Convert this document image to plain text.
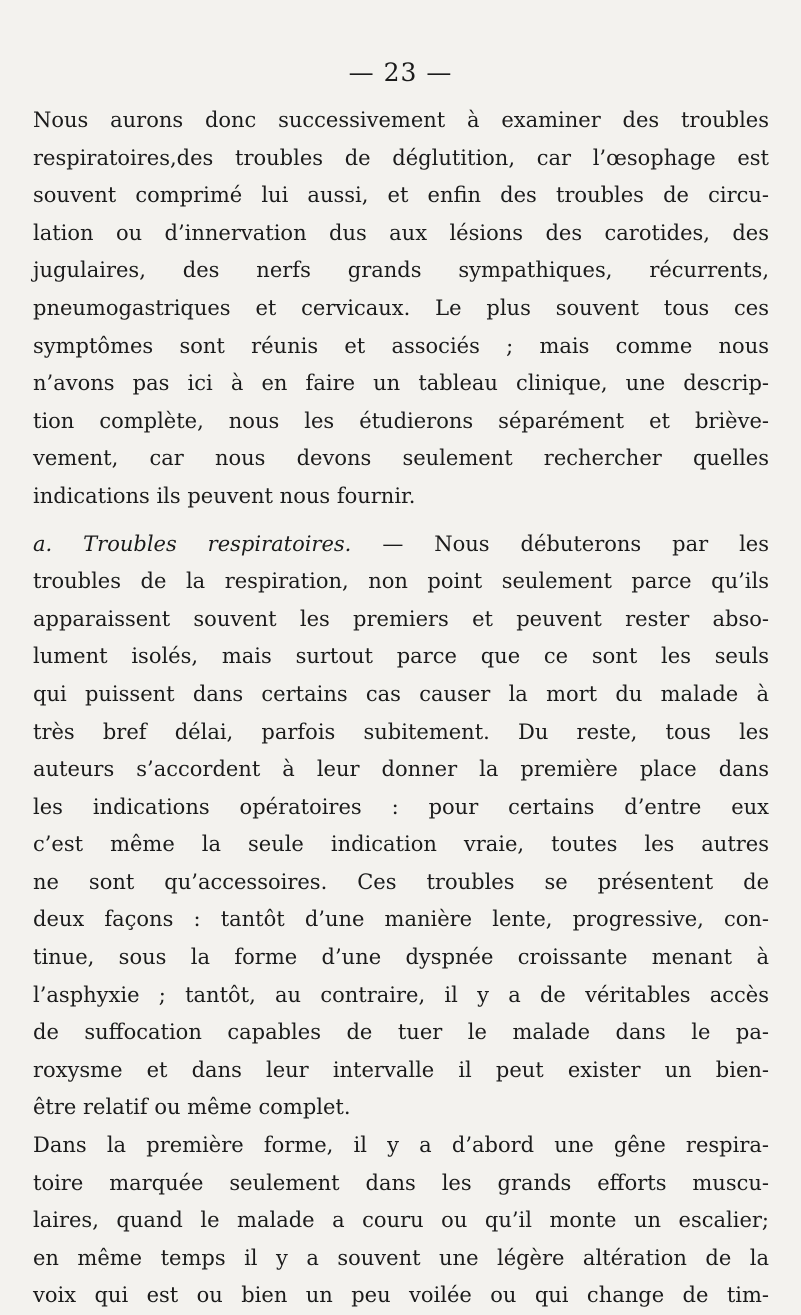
— 23 —
Nous aurons donc successivement à examiner des troubles
respiratoires,des troubles de déglutition, car l’œsophage est
souvent comprimé lui aussi, et enfin des troubles de circu-
lation ou d’innervation dus aux lésions des carotides, des
jugulaires, des nerfs grands sympathiques, récurrents,
pneumogastriques et cervicaux. Le plus souvent tous ces
symptômes sont réunis et associés ; mais comme nous
n’avons pas ici à en faire un tableau clinique, une descrip-
tion complète, nous les étudierons séparément et briève-
vement, car nous devons seulement rechercher quelles
indications ils peuvent nous fournir.
a. Troubles respiratoires. — Nous débuterons par les
troubles de la respiration, non point seulement parce qu’ils
apparaissent souvent les premiers et peuvent rester abso-
lument isolés, mais surtout parce que ce sont les seuls
qui puissent dans certains cas causer la mort du malade à
très bref délai, parfois subitement. Du reste, tous les
auteurs s’accordent à leur donner la première place dans
les indications opératoires : pour certains d’entre eux
c’est même la seule indication vraie, toutes les autres
ne sont qu’accessoires. Ces troubles se présentent de
deux façons : tantôt d’une manière lente, progressive, con-
tinue, sous la forme d’une dyspnée croissante menant à
l’asphyxie ; tantôt, au contraire, il y a de véritables accès
de suffocation capables de tuer le malade dans le pa-
roxysme et dans leur intervalle il peut exister un bien-
être relatif ou même complet.
Dans la première forme, il y a d’abord une gêne respira-
toire marquée seulement dans les grands efforts muscu-
laires, quand le malade a couru ou qu’il monte un escalier;
en même temps il y a souvent une légère altération de la
voix qui est ou bien un peu voilée ou qui change de tim-
